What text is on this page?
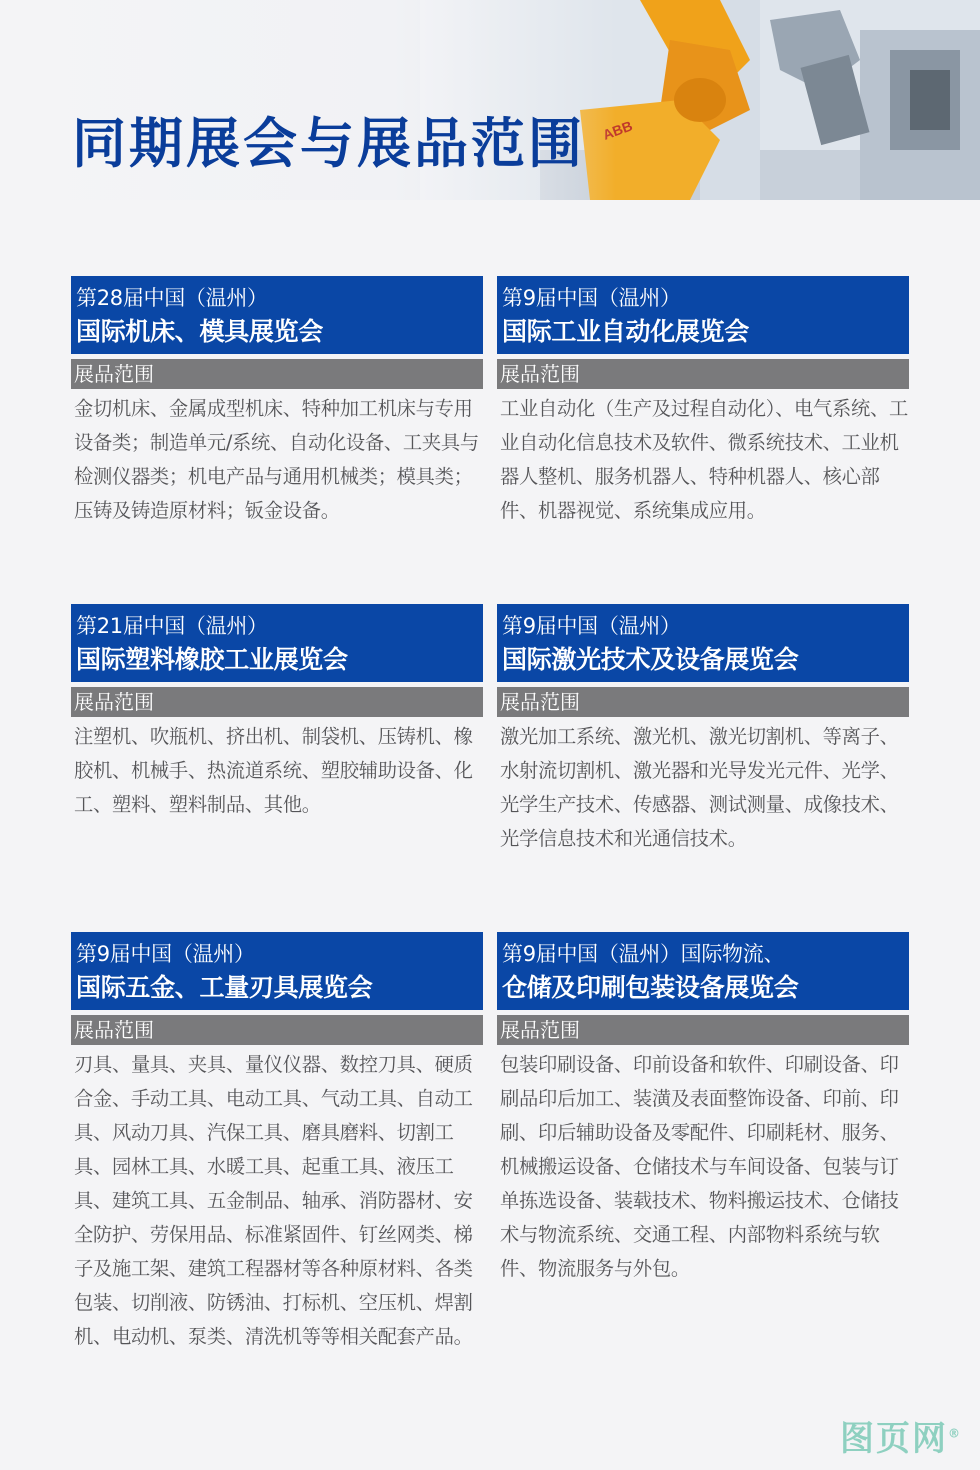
同期展会与展品范围
第28届中国（温州）
国际机床、模具展览会
展品范围
金切机床、金属成型机床、特种加工机床与专用设备类；制造单元/系统、自动化设备、工夹具与检测仪器类；机电产品与通用机械类；模具类；压铸及铸造原材料；钣金设备。
第9届中国（温州）
国际工业自动化展览会
展品范围
工业自动化（生产及过程自动化）、电气系统、工业自动化信息技术及软件、微系统技术、工业机器人整机、服务机器人、特种机器人、核心部件、机器视觉、系统集成应用。
第21届中国（温州）
国际塑料橡胶工业展览会
展品范围
注塑机、吹瓶机、挤出机、制袋机、压铸机、橡胶机、机械手、热流道系统、塑胶辅助设备、化工、塑料、塑料制品、其他。
第9届中国（温州）
国际激光技术及设备展览会
展品范围
激光加工系统、激光机、激光切割机、等离子、水射流切割机、激光器和光导发光元件、光学、光学生产技术、传感器、测试测量、成像技术、光学信息技术和光通信技术。
第9届中国（温州）
国际五金、工量刃具展览会
展品范围
刃具、量具、夹具、量仪仪器、数控刀具、硬质合金、手动工具、电动工具、气动工具、自动工具、风动刀具、汽保工具、磨具磨料、切割工具、园林工具、水暖工具、起重工具、液压工具、建筑工具、五金制品、轴承、消防器材、安全防护、劳保用品、标准紧固件、钉丝网类、梯子及施工架、建筑工程器材等各种原材料、各类包装、切削液、防锈油、打标机、空压机、焊割机、电动机、泵类、清洗机等等相关配套产品。
第9届中国（温州）国际物流、
仓储及印刷包装设备展览会
展品范围
包装印刷设备、印前设备和软件、印刷设备、印刷品印后加工、装潢及表面整饰设备、印前、印刷、印后辅助设备及零配件、印刷耗材、服务、机械搬运设备、仓储技术与车间设备、包装与订单拣选设备、装载技术、物料搬运技术、仓储技术与物流系统、交通工程、内部物料系统与软件、物流服务与外包。
图页网®
